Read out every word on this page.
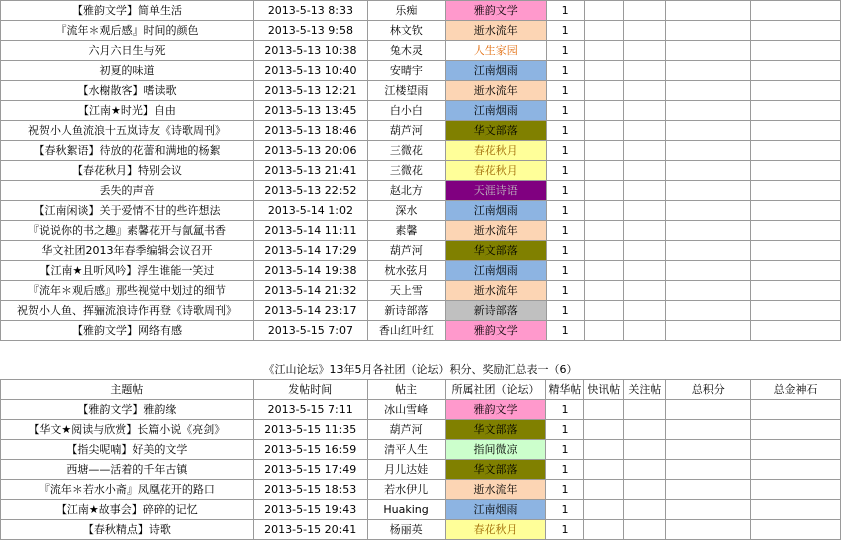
【雅韵文学】简单生活	2013-5-13 8:33	乐痴	雅韵文学	1				
『流年＊观后感』时间的颜色	2013-5-13 9:58	林文钦	逝水流年	1				
六月六日生与死	2013-5-13 10:38	兔木灵	人生家园	1				
初夏的味道	2013-5-13 10:40	安晴宇	江南烟雨	1				
【水榭散客】嗜读歌	2013-5-13 12:21	江楼望雨	逝水流年	1				
【江南★时光】自由	2013-5-13 13:45	白小白	江南烟雨	1				
祝贺小人鱼流浪十五岚诗友《诗歌周刊》	2013-5-13 18:46	葫芦河	华文部落	1				
【春秋絮语】待放的花蕾和满地的杨絮	2013-5-13 20:06	三微花	春花秋月	1				
【春花秋月】特别会议	2013-5-13 21:41	三微花	春花秋月	1				
丢失的声音	2013-5-13 22:52	赵北方	天涯诗语	1				
【江南闲谈】关于爱情不甘的些许想法	2013-5-14 1:02	深水	江南烟雨	1				
『说说你的书之趣』素馨花开与氤氲书香	2013-5-14 11:11	素馨	逝水流年	1				
华文社团2013年春季编辑会议召开	2013-5-14 17:29	葫芦河	华文部落	1				
【江南★且听风吟】浮生谁能一笑过	2013-5-14 19:38	枕水弦月	江南烟雨	1				
『流年＊观后感』那些视觉中划过的细节	2013-5-14 21:32	天上雪	逝水流年	1				
祝贺小人鱼、挥骊流浪诗作再登《诗歌周刊》	2013-5-14 23:17	新诗部落	新诗部落	1				
【雅韵文学】网络有感	2013-5-15 7:07	香山红叶红	雅韵文学	1				
《江山论坛》13年5月各社团（论坛）积分、奖励汇总表一（6）
主题帖	发帖时间	帖主	所属社团（论坛）	精华帖	快讯帖	关注帖	总积分	总金神石
【雅韵文学】雅韵缘	2013-5-15 7:11	冰山雪峰	雅韵文学	1				
【华文★阅读与欣赏】长篇小说《亮剑》	2013-5-15 11:35	葫芦河	华文部落	1				
【指尖呢喃】好美的文学	2013-5-15 16:59	清平人生	指间微凉	1				
西塘——活着的千年古镇	2013-5-15 17:49	月儿达娃	华文部落	1				
『流年＊若水小斋』凤凰花开的路口	2013-5-15 18:53	若水伊儿	逝水流年	1				
【江南★故事会】碎碎的记忆	2013-5-15 19:43	Huaking	江南烟雨	1				
【春秋精点】诗歌	2013-5-15 20:41	杨丽英	春花秋月	1				
